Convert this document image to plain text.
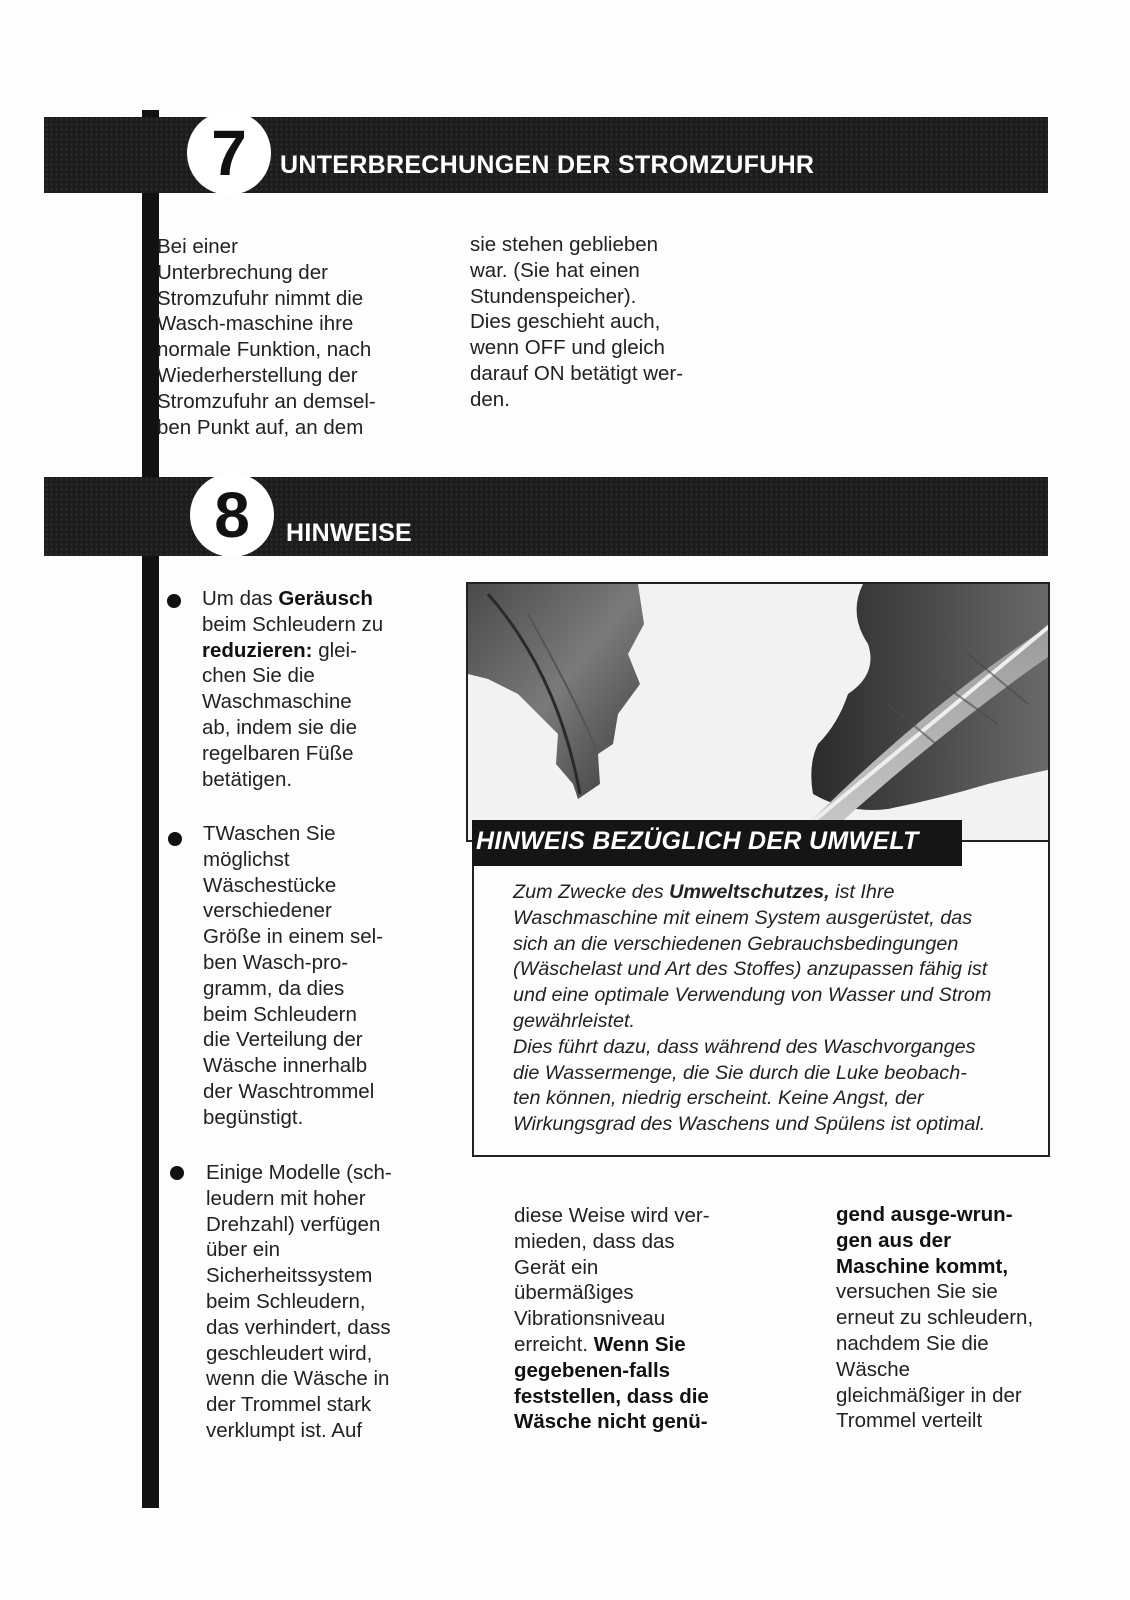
7	UNTERBRECHUNGEN DER STROMZUFUHR
Bei einer
Unterbrechung der
Stromzufuhr nimmt die
Wasch-maschine ihre
normale Funktion, nach
Wiederherstellung der
Stromzufuhr an demsel-
ben Punkt auf, an dem
sie stehen geblieben
war. (Sie hat einen
Stundenspeicher).
Dies geschieht auch,
wenn OFF und gleich
darauf ON betätigt wer-
den.
8	HINWEISE
Um das Geräusch
beim Schleudern zu
reduzieren: glei-
chen Sie die
Waschmaschine
ab, indem sie die
regelbaren Füße
betätigen.
TWaschen Sie
möglichst
Wäschestücke
verschiedener
Größe in einem sel-
ben Wasch-pro-
gramm, da dies
beim Schleudern
die Verteilung der
Wäsche innerhalb
der Waschtrommel
begünstigt.
Einige Modelle (sch-
leudern mit hoher
Drehzahl) verfügen
über ein
Sicherheitssystem
beim Schleudern,
das verhindert, dass
geschleudert wird,
wenn die Wäsche in
der Trommel stark
verklumpt ist. Auf
HINWEIS BEZÜGLICH DER UMWELT

Zum Zwecke des Umweltschutzes, ist Ihre
Waschmaschine mit einem System ausgerüstet, das
sich an die verschiedenen Gebrauchsbedingungen
(Wäschelast und Art des Stoffes) anzupassen fähig ist
und eine optimale Verwendung von Wasser und Strom
gewährleistet.

Dies führt dazu, dass während des Waschvorganges
die Wassermenge, die Sie durch die Luke beobach-
ten können, niedrig erscheint. Keine Angst, der
Wirkungsgrad des Waschens und Spülens ist optimal.

diese Weise wird ver-
mieden, dass das
Gerät ein
übermäßiges
Vibrationsniveau
erreicht. Wenn Sie
gegebenen-falls
feststellen, dass die
Wäsche nicht genü-
gend ausge-wrun-
gen aus der
Maschine kommt,
versuchen Sie sie
erneut zu schleudern,
nachdem Sie die
Wäsche
gleichmäßiger in der
Trommel verteilt
